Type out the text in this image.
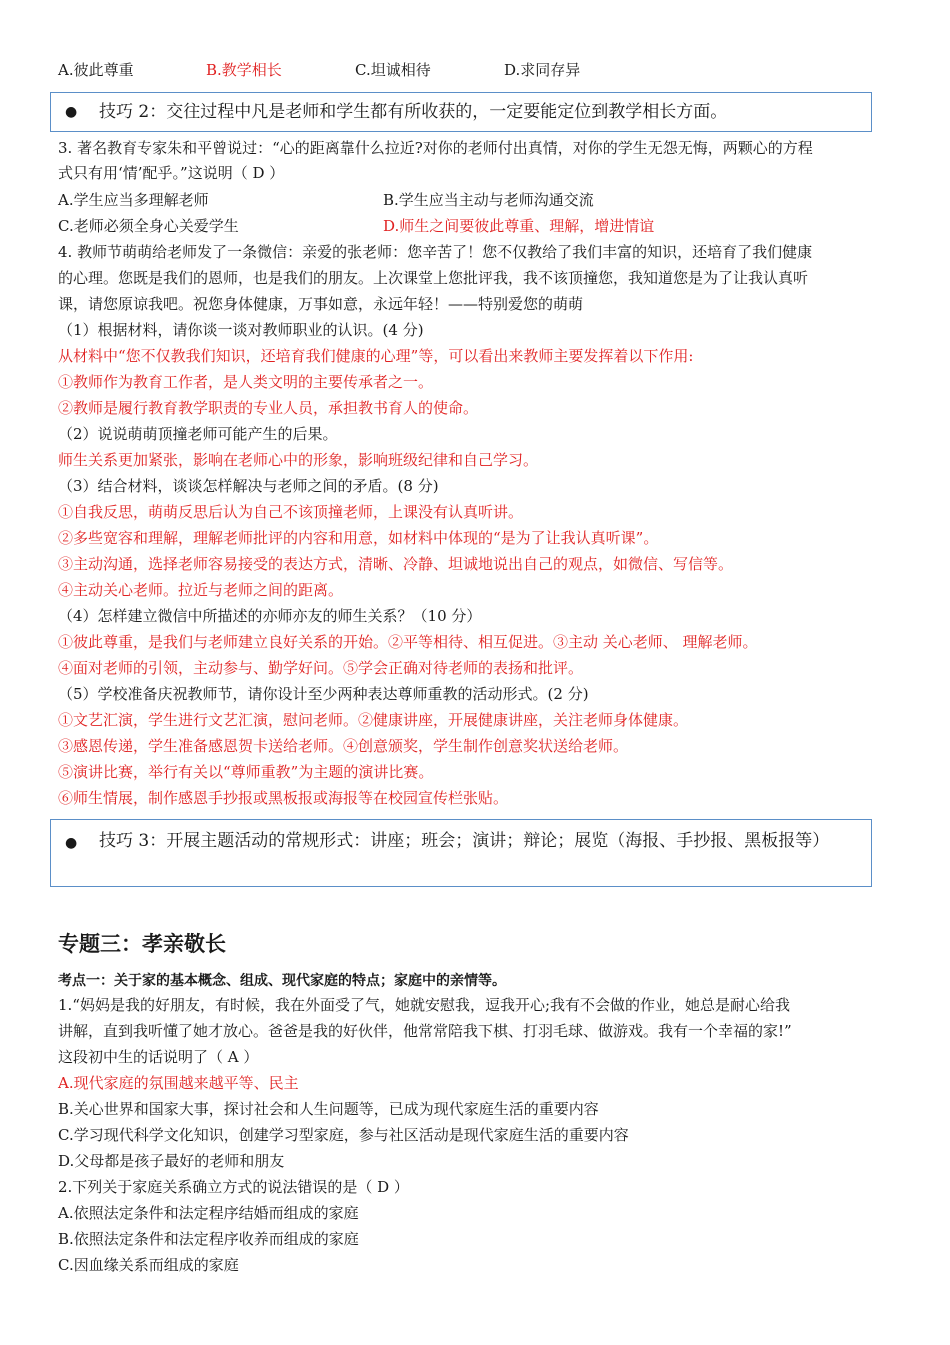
A.彼此尊重	B.教学相长	C.坦诚相待	D.求同存异
● 技巧 2：交往过程中凡是老师和学生都有所收获的，一定要能定位到教学相长方面。
3. 著名教育专家朱和平曾说过：“心的距离靠什么拉近?对你的老师付出真情，对你的学生无怨无悔，两颗心的方程
式只有用‘情’配乎。”这说明（ D ）
A.学生应当多理解老师	B.学生应当主动与老师沟通交流
C.老师必须全身心关爱学生	D.师生之间要彼此尊重、理解，增进情谊
4. 教师节萌萌给老师发了一条微信：亲爱的张老师：您辛苦了！您不仅教给了我们丰富的知识，还培育了我们健康
的心理。您既是我们的恩师，也是我们的朋友。上次课堂上您批评我，我不该顶撞您，我知道您是为了让我认真听
课，请您原谅我吧。祝您身体健康，万事如意，永远年轻！——特别爱您的萌萌
（1）根据材料，请你谈一谈对教师职业的认识。(4 分)
从材料中“您不仅教我们知识，还培育我们健康的心理”等，可以看出来教师主要发挥着以下作用:
①教师作为教育工作者，是人类文明的主要传承者之一。
②教师是履行教育教学职责的专业人员，承担教书育人的使命。
（2）说说萌萌顶撞老师可能产生的后果。
师生关系更加紧张，影响在老师心中的形象，影响班级纪律和自己学习。
（3）结合材料，谈谈怎样解决与老师之间的矛盾。(8 分)
①自我反思，萌萌反思后认为自己不该顶撞老师，上课没有认真听讲。
②多些宽容和理解，理解老师批评的内容和用意，如材料中体现的“是为了让我认真听课”。
③主动沟通，选择老师容易接受的表达方式，清晰、冷静、坦诚地说出自己的观点，如微信、写信等。
④主动关心老师。拉近与老师之间的距离。
（4）怎样建立微信中所描述的亦师亦友的师生关系？（10 分）
①彼此尊重，是我们与老师建立良好关系的开始。②平等相待、相互促进。③主动 关心老师、 理解老师。
④面对老师的引领，主动参与、勤学好问。⑤学会正确对待老师的表扬和批评。
（5）学校准备庆祝教师节，请你设计至少两种表达尊师重教的活动形式。(2 分)
①文艺汇演，学生进行文艺汇演，慰问老师。②健康讲座，开展健康讲座，关注老师身体健康。
③感恩传递，学生准备感恩贺卡送给老师。④创意颁奖，学生制作创意奖状送给老师。
⑤演讲比赛，举行有关以“尊师重教”为主题的演讲比赛。
⑥师生情展，制作感恩手抄报或黑板报或海报等在校园宣传栏张贴。
● 技巧 3：开展主题活动的常规形式：讲座；班会；演讲；辩论；展览（海报、手抄报、黑板报等）
专题三：孝亲敬长
考点一：关于家的基本概念、组成、现代家庭的特点；家庭中的亲情等。
1.“妈妈是我的好朋友，有时候，我在外面受了气，她就安慰我，逗我开心;我有不会做的作业，她总是耐心给我
讲解，直到我听懂了她才放心。爸爸是我的好伙伴，他常常陪我下棋、打羽毛球、做游戏。我有一个幸福的家!”
这段初中生的话说明了（ A ）
A.现代家庭的氛围越来越平等、民主
B.关心世界和国家大事，探讨社会和人生问题等，已成为现代家庭生活的重要内容
C.学习现代科学文化知识，创建学习型家庭，参与社区活动是现代家庭生活的重要内容
D.父母都是孩子最好的老师和朋友
2.下列关于家庭关系确立方式的说法错误的是（ D ）
A.依照法定条件和法定程序结婚而组成的家庭
B.依照法定条件和法定程序收养而组成的家庭
C.因血缘关系而组成的家庭
